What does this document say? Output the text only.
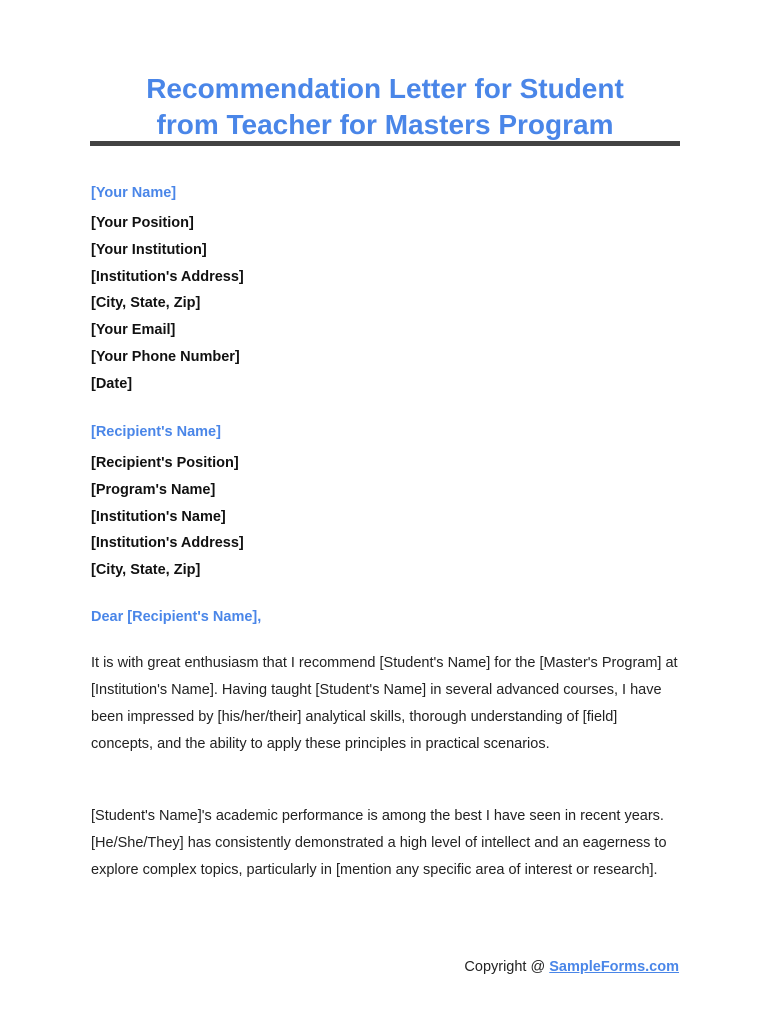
Recommendation Letter for Student
from Teacher for Masters Program
[Your Name]
[Your Position]
[Your Institution]
[Institution's Address]
[City, State, Zip]
[Your Email]
[Your Phone Number]
[Date]
[Recipient's Name]
[Recipient's Position]
[Program's Name]
[Institution's Name]
[Institution's Address]
[City, State, Zip]
Dear [Recipient's Name],

It is with great enthusiasm that I recommend [Student's Name] for the [Master's Program] at [Institution's Name]. Having taught [Student's Name] in several advanced courses, I have been impressed by [his/her/their] analytical skills, thorough understanding of [field] concepts, and the ability to apply these principles in practical scenarios.

[Student's Name]'s academic performance is among the best I have seen in recent years. [He/She/They] has consistently demonstrated a high level of intellect and an eagerness to explore complex topics, particularly in [mention any specific area of interest or research].

Copyright @ SampleForms.com
